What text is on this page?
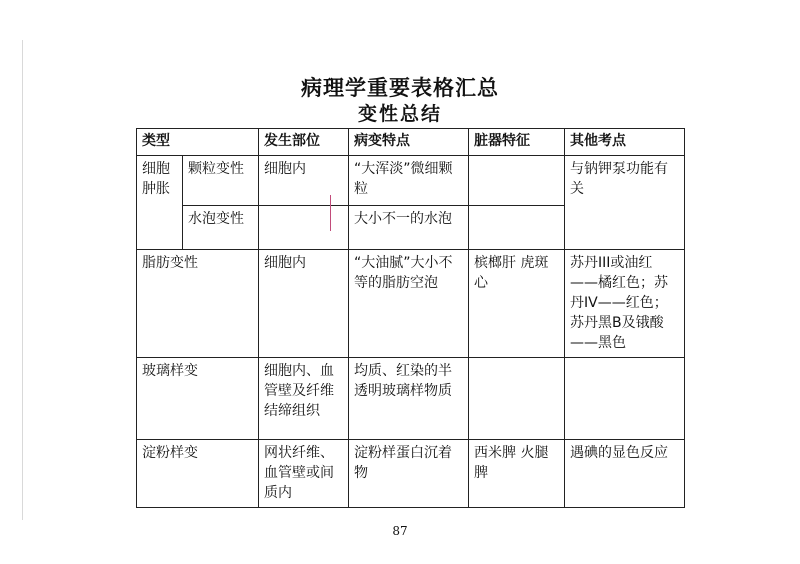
病理学重要表格汇总
变性总结
类型		发生部位	病变特点	脏器特征	其他考点
细胞肿胀	颗粒变性	细胞内	“大浑淡”微细颗粒		与钠钾泵功能有关
	水泡变性		大小不一的水泡		
脂肪变性		细胞内	“大油腻”大小不等的脂肪空泡	槟榔肝 虎斑心	苏丹III或油红——橘红色；苏丹IV——红色；苏丹黑B及锇酸——黑色
玻璃样变		细胞内、血管壁及纤维结缔组织	均质、红染的半透明玻璃样物质		
淀粉样变		网状纤维、血管壁或间质内	淀粉样蛋白沉着物	西米脾 火腿脾	遇碘的显色反应
87
